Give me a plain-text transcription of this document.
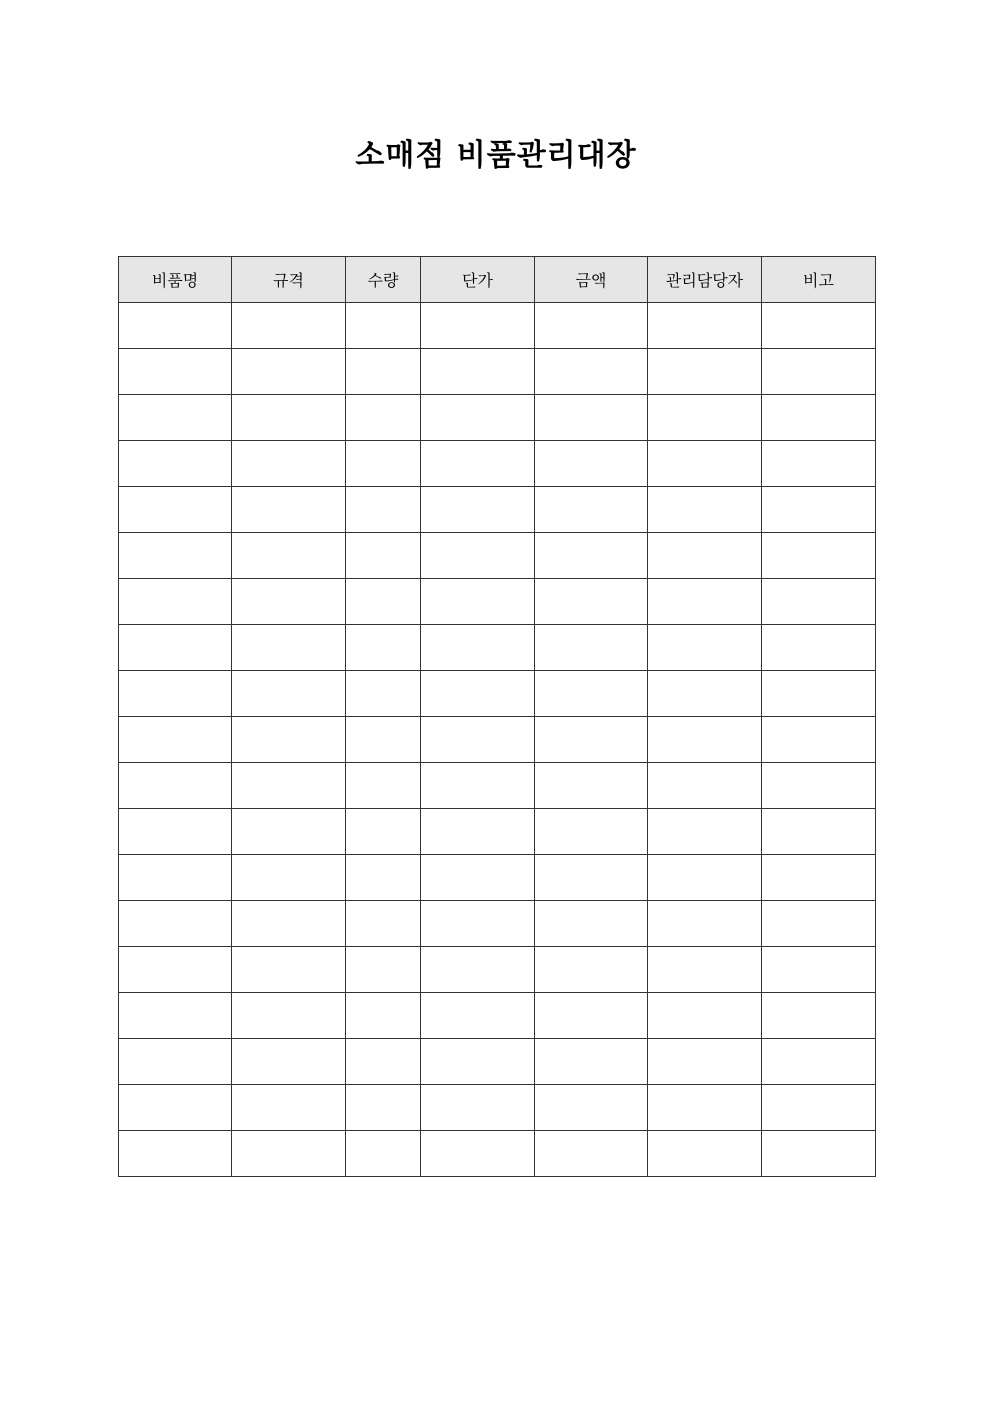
소매점 비품관리대장
비품명	규격	수량	단가	금액	관리담당자	비고
